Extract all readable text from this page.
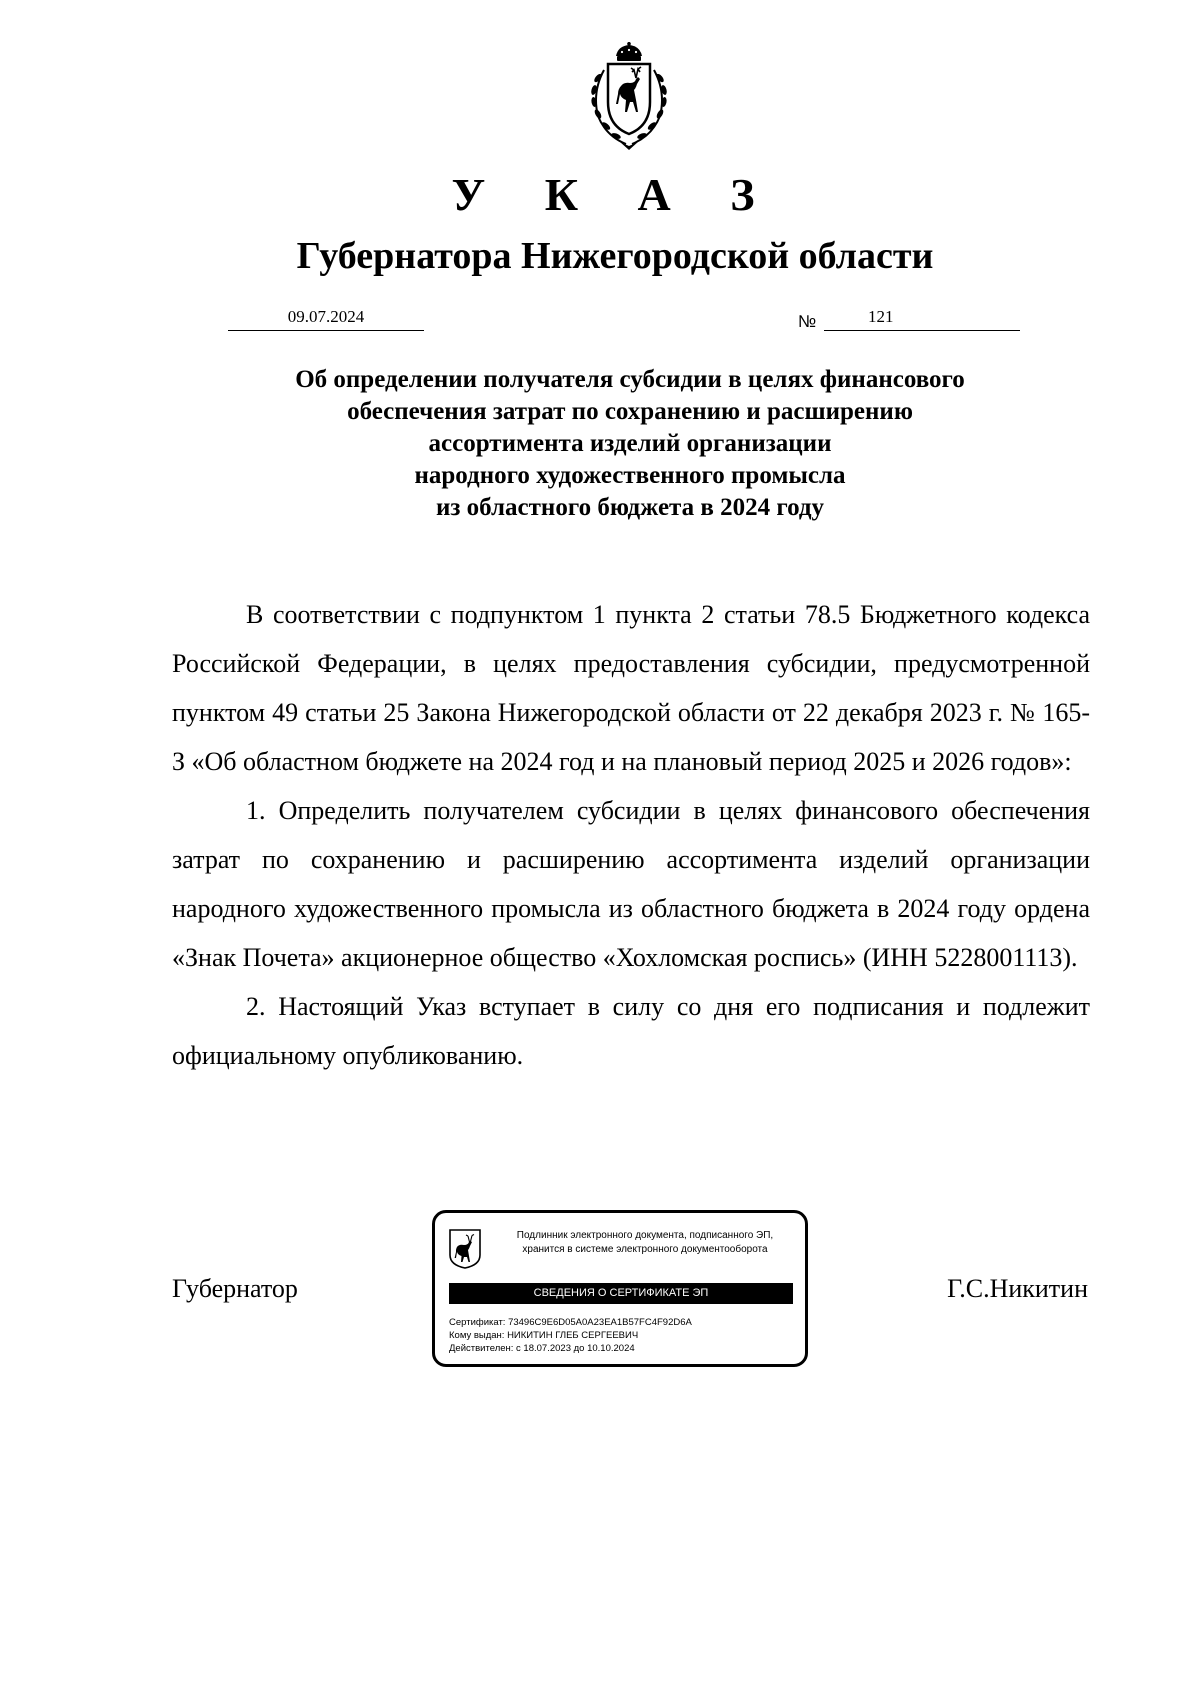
У К А З
Губернатора Нижегородской области
09.07.2024	№	121
Об определении получателя субсидии в целях финансового
обеспечения затрат по сохранению и расширению
ассортимента изделий организации
народного художественного промысла
из областного бюджета в 2024 году

В соответствии с подпунктом 1 пункта 2 статьи 78.5 Бюджетного кодекса Российской Федерации, в целях предоставления субсидии, предусмотренной пунктом 49 статьи 25 Закона Нижегородской области от 22 декабря 2023 г. № 165-З «Об областном бюджете на 2024 год и на плановый период 2025 и 2026 годов»:

1. Определить получателем субсидии в целях финансового обеспечения затрат по сохранению и расширению ассортимента изделий организации народного художественного промысла из областного бюджета в 2024 году ордена «Знак Почета» акционерное общество «Хохломская роспись» (ИНН 5228001113).

2. Настоящий Указ вступает в силу со дня его подписания и подлежит официальному опубликованию.

Губернатор	Г.С.Никитин
Подлинник электронного документа, подписанного ЭП,
хранится в системе электронного документооборота
СВЕДЕНИЯ О СЕРТИФИКАТЕ ЭП
Сертификат: 73496C9E6D05A0A23EA1B57FC4F92D6A
Кому выдан: НИКИТИН ГЛЕБ СЕРГЕЕВИЧ
Действителен: с 18.07.2023 до 10.10.2024
